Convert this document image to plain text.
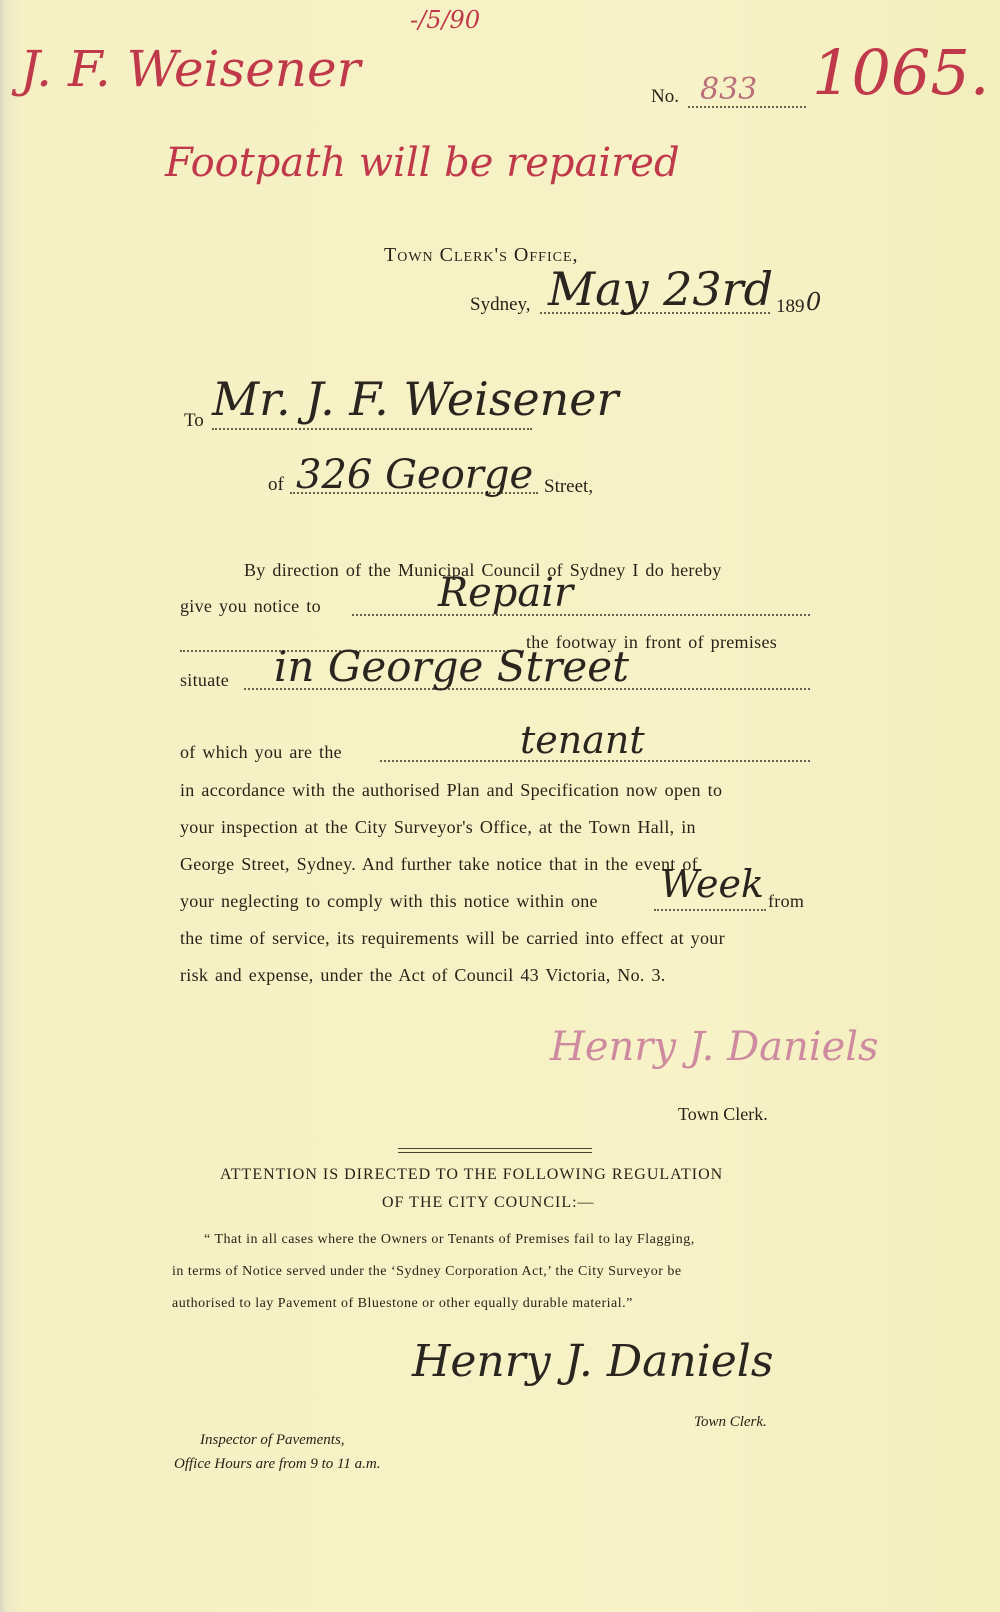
J. F. Weisener
-/5/90
No. 833 1065.
Footpath will be repaired
Town Clerk's Office,
Sydney, May 23rd 189 0
To Mr. J. F. Weisener
of 326 George Street,
By direction of the Municipal Council of Sydney I do hereby
give you notice to	Repair
the footway in front of premises
situate in George Street
of which you are the	tenant
in accordance with the authorised Plan and Specification now open to
your inspection at the City Surveyor's Office, at the Town Hall, in
George Street, Sydney. And further take notice that in the event of
your neglecting to comply with this notice within one Week from
the time of service, its requirements will be carried into effect at your
risk and expense, under the Act of Council 43 Victoria, No. 3.
Henry J. Daniels
Town Clerk.
ATTENTION IS DIRECTED TO THE FOLLOWING REGULATION
OF THE CITY COUNCIL:—
“ That in all cases where the Owners or Tenants of Premises fail to lay Flagging,
in terms of Notice served under the ‘Sydney Corporation Act,’ the City Surveyor be
authorised to lay Pavement of Bluestone or other equally durable material.”
Henry J. Daniels
Town Clerk.
Inspector of Pavements,
Office Hours are from 9 to 11 a.m.
